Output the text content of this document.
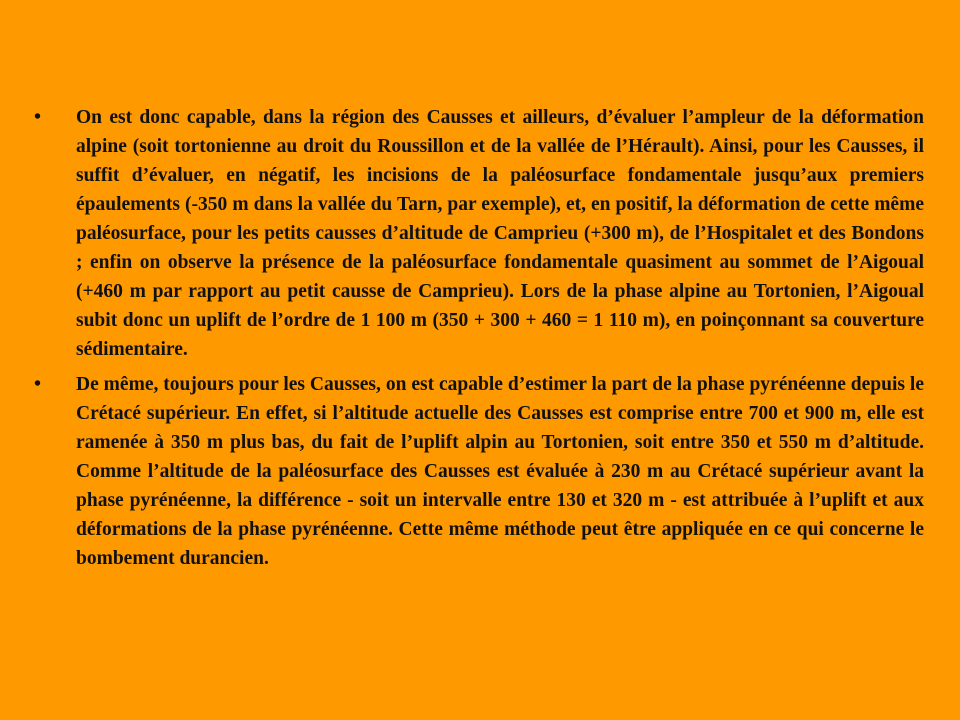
• On est donc capable, dans la région des Causses et ailleurs, d’évaluer l’ampleur de la déformation alpine (soit tortonienne au droit du Roussillon et de la vallée de l’Hérault). Ainsi, pour les Causses, il suffit d’évaluer, en négatif, les incisions de la paléosurface fondamentale jusqu’aux premiers épaulements (-350 m dans la vallée du Tarn, par exemple), et, en positif, la déformation de cette même paléosurface, pour les petits causses d’altitude de Camprieu (+300 m), de l’Hospitalet et des Bondons ; enfin on observe la présence de la paléosurface fondamentale quasiment au sommet de l’Aigoual (+460 m par rapport au petit causse de Camprieu). Lors de la phase alpine au Tortonien, l’Aigoual subit donc un uplift de l’ordre de 1 100 m (350 + 300 + 460 = 1 110 m), en poinçonnant sa couverture sédimentaire.

• De même, toujours pour les Causses, on est capable d’estimer la part de la phase pyrénéenne depuis le Crétacé supérieur. En effet, si l’altitude actuelle des Causses est comprise entre 700 et 900 m, elle est ramenée à 350 m plus bas, du fait de l’uplift alpin au Tortonien, soit entre 350 et 550 m d’altitude. Comme l’altitude de la paléosurface des Causses est évaluée à 230 m au Crétacé supérieur avant la phase pyrénéenne, la différence - soit un intervalle entre 130 et 320 m - est attribuée à l’uplift et aux déformations de la phase pyrénéenne. Cette même méthode peut être appliquée en ce qui concerne le bombement durancien.
